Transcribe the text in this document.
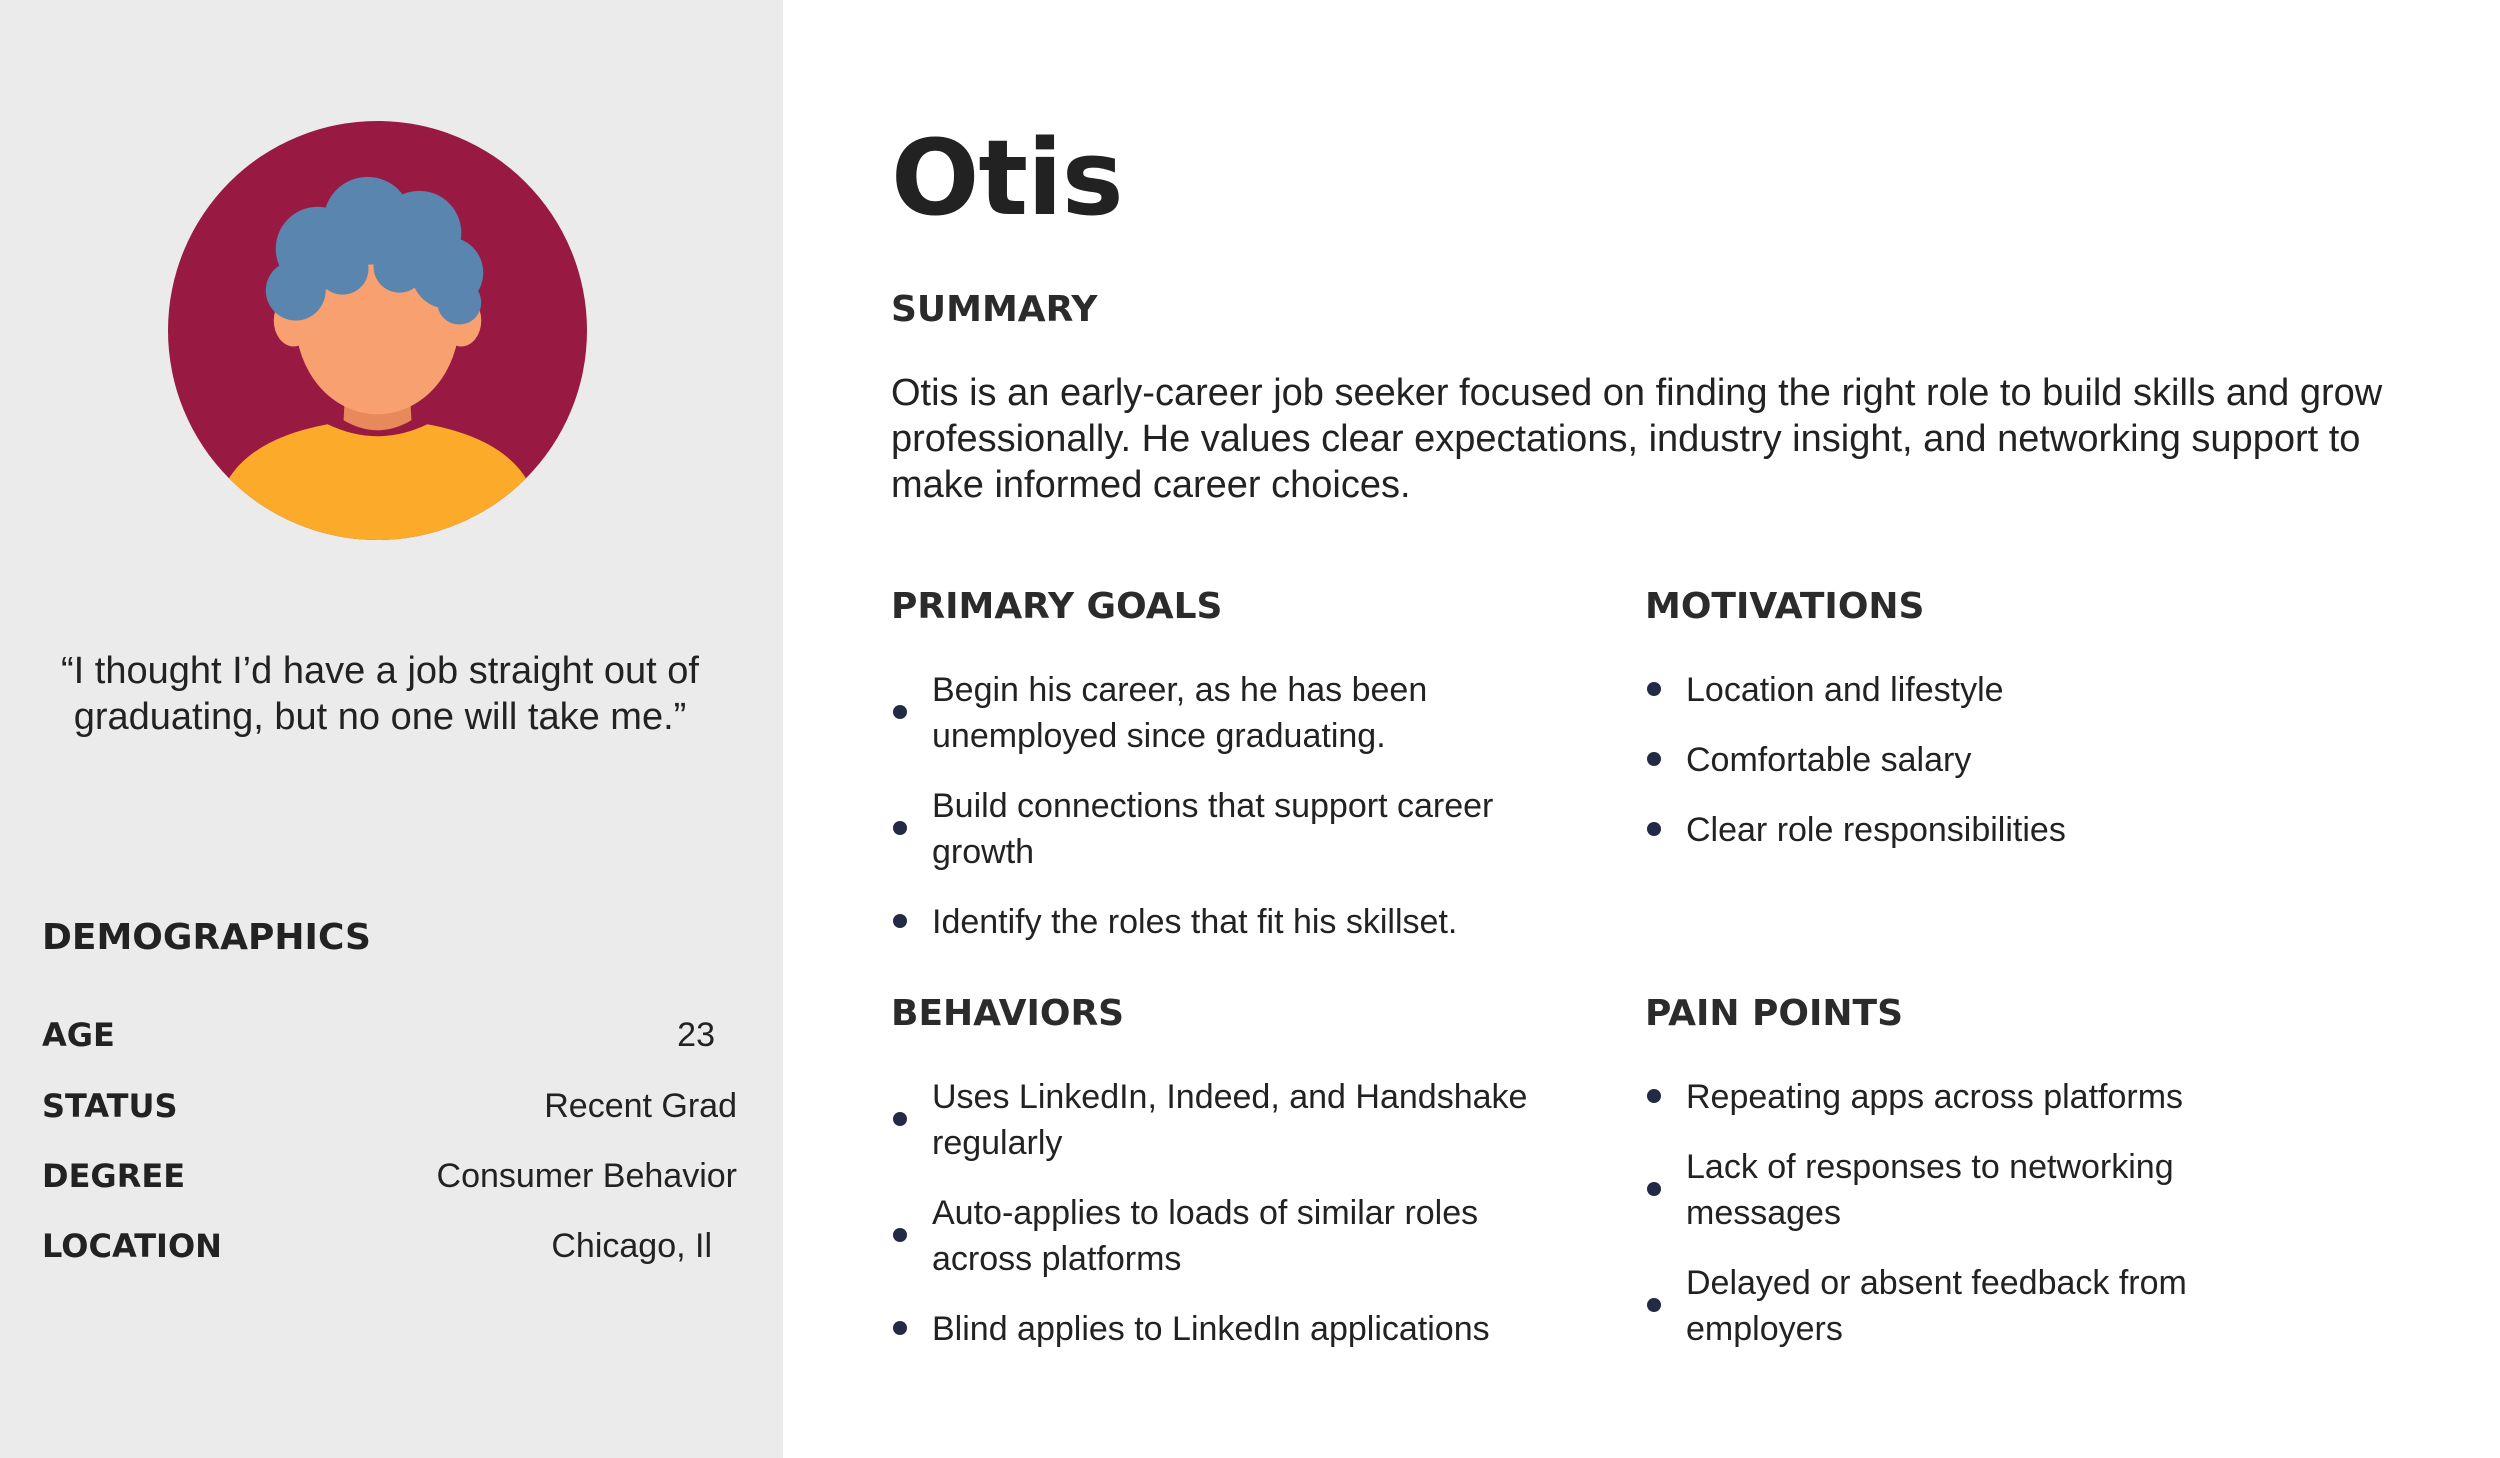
“I thought I’d have a job straight out of graduating, but no one will take me.”
DEMOGRAPHICS
AGE	23
STATUS	Recent Grad
DEGREE	Consumer Behavior
LOCATION	Chicago, Il
Otis
SUMMARY

Otis is an early-career job seeker focused on finding the right role to build skills and grow professionally. He values clear expectations, industry insight, and networking support to make informed career choices.

PRIMARY GOALS
Begin his career, as he has been unemployed since graduating.
Build connections that support career growth
Identify the roles that fit his skillset.
MOTIVATIONS
Location and lifestyle
Comfortable salary
Clear role responsibilities
BEHAVIORS
Uses LinkedIn, Indeed, and Handshake regularly
Auto-applies to loads of similar roles across platforms
Blind applies to LinkedIn applications
PAIN POINTS
Repeating apps across platforms
Lack of responses to networking messages
Delayed or absent feedback from employers
